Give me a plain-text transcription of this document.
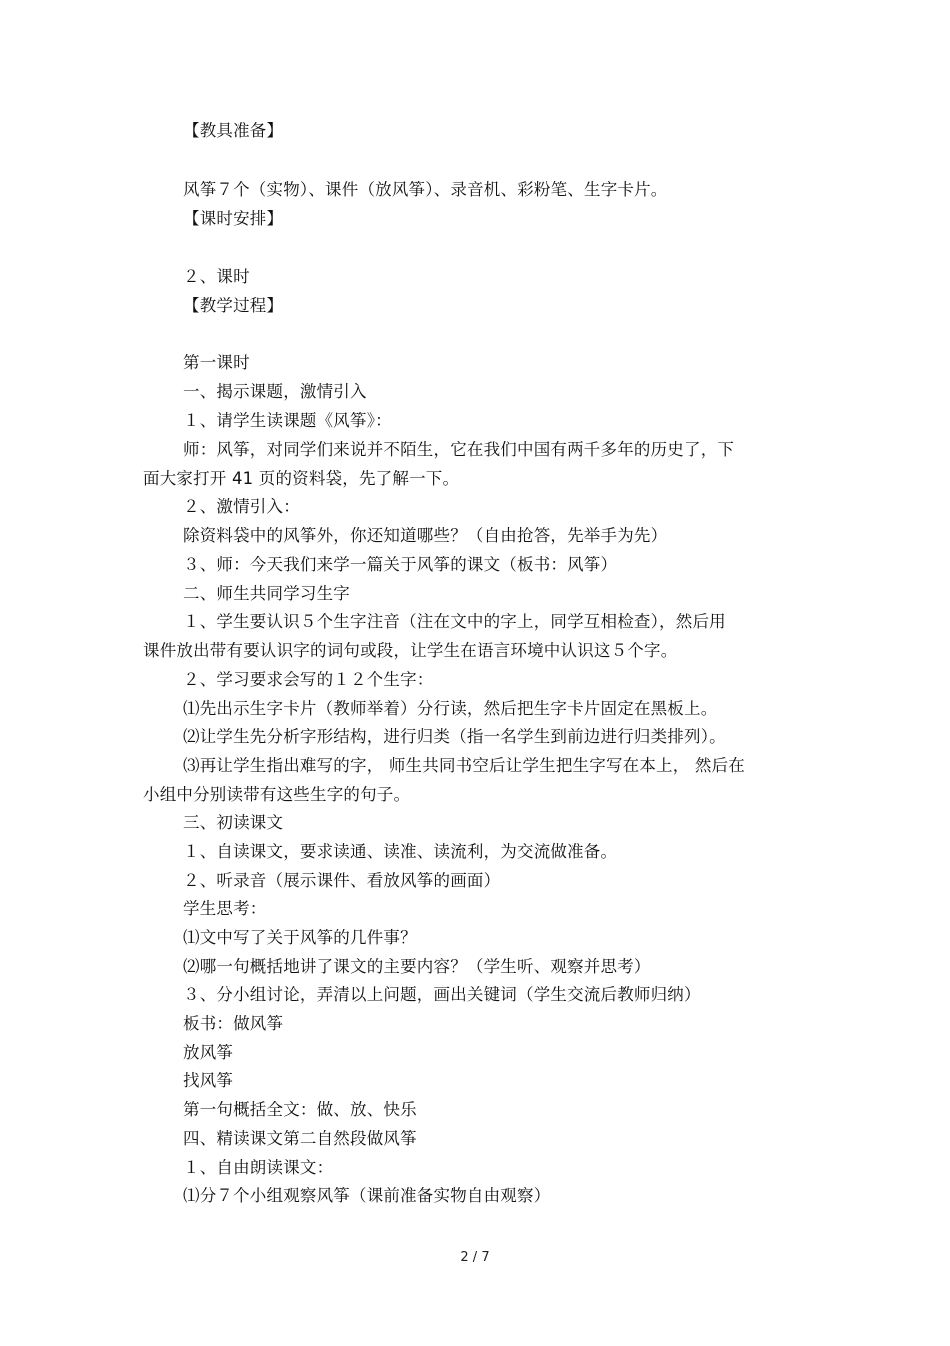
【教具准备】
风筝７个（实物）、课件（放风筝）、录音机、彩粉笔、生字卡片。
【课时安排】
２、课时
【教学过程】
第一课时
一、揭示课题，激情引入
１、请学生读课题《风筝》：
师：风筝，对同学们来说并不陌生，它在我们中国有两千多年的历史了，下
面大家打开 41 页的资料袋，先了解一下。
２、激情引入：
除资料袋中的风筝外，你还知道哪些？（自由抢答，先举手为先）
３、师：今天我们来学一篇关于风筝的课文（板书：风筝）
二、师生共同学习生字
１、学生要认识５个生字注音（注在文中的字上，同学互相检查），然后用
课件放出带有要认识字的词句或段，让学生在语言环境中认识这５个字。
２、学习要求会写的１２个生字：
⑴先出示生字卡片（教师举着）分行读，然后把生字卡片固定在黑板上。
⑵让学生先分析字形结构，进行归类（指一名学生到前边进行归类排列）。
⑶再让学生指出难写的字， 师生共同书空后让学生把生字写在本上， 然后在
小组中分别读带有这些生字的句子。
三、初读课文
１、自读课文，要求读通、读准、读流利，为交流做准备。
２、听录音（展示课件、看放风筝的画面）
学生思考：
⑴文中写了关于风筝的几件事？
⑵哪一句概括地讲了课文的主要内容？（学生听、观察并思考）
３、分小组讨论，弄清以上问题，画出关键词（学生交流后教师归纳）
板书：做风筝
放风筝
找风筝
第一句概括全文：做、放、快乐
四、精读课文第二自然段做风筝
１、自由朗读课文：
⑴分７个小组观察风筝（课前准备实物自由观察）
2 / 7
